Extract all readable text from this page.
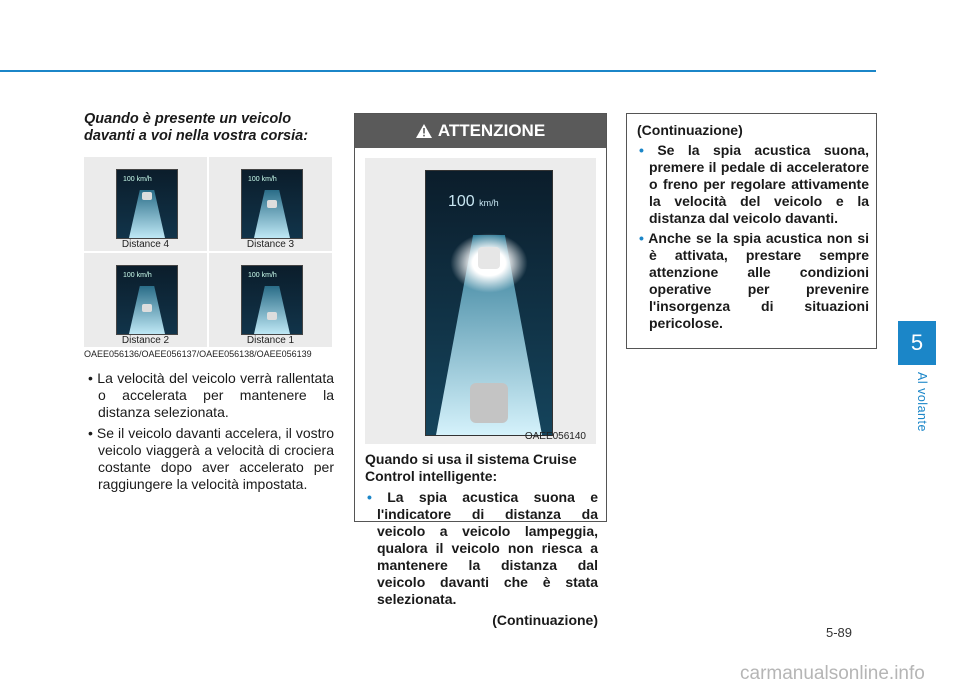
5
Al volante
Quando è presente un veicolo davanti a voi nella vostra corsia:
100 km/h
Distance 4
100 km/h
Distance 3
100 km/h
Distance 2
100 km/h
Distance 1
OAEE056136/OAEE056137/OAEE056138/OAEE056139
• La velocità del veicolo verrà rallentata o accelerata per mantenere la distanza selezionata.
• Se il veicolo davanti accelera, il vostro veicolo viaggerà a velocità di crociera costante dopo aver accelerato per raggiungere la velocità impostata.
ATTENZIONE
100 km/h
OAEE056140
Quando si usa il sistema Cruise Control intelligente:
• La spia acustica suona e l'indicatore di distanza da veicolo a veicolo lampeggia, qualora il veicolo non riesca a mantenere la distanza dal veicolo davanti che è stata selezionata.
(Continuazione)
(Continuazione)
• Se la spia acustica suona, premere il pedale di acceleratore o freno per regolare attivamente la velocità del veicolo e la distanza dal veicolo davanti.
• Anche se la spia acustica non si è attivata, prestare sempre attenzione alle condizioni operative per prevenire l'insorgenza di situazioni pericolose.
5-89
carmanualsonline.info
